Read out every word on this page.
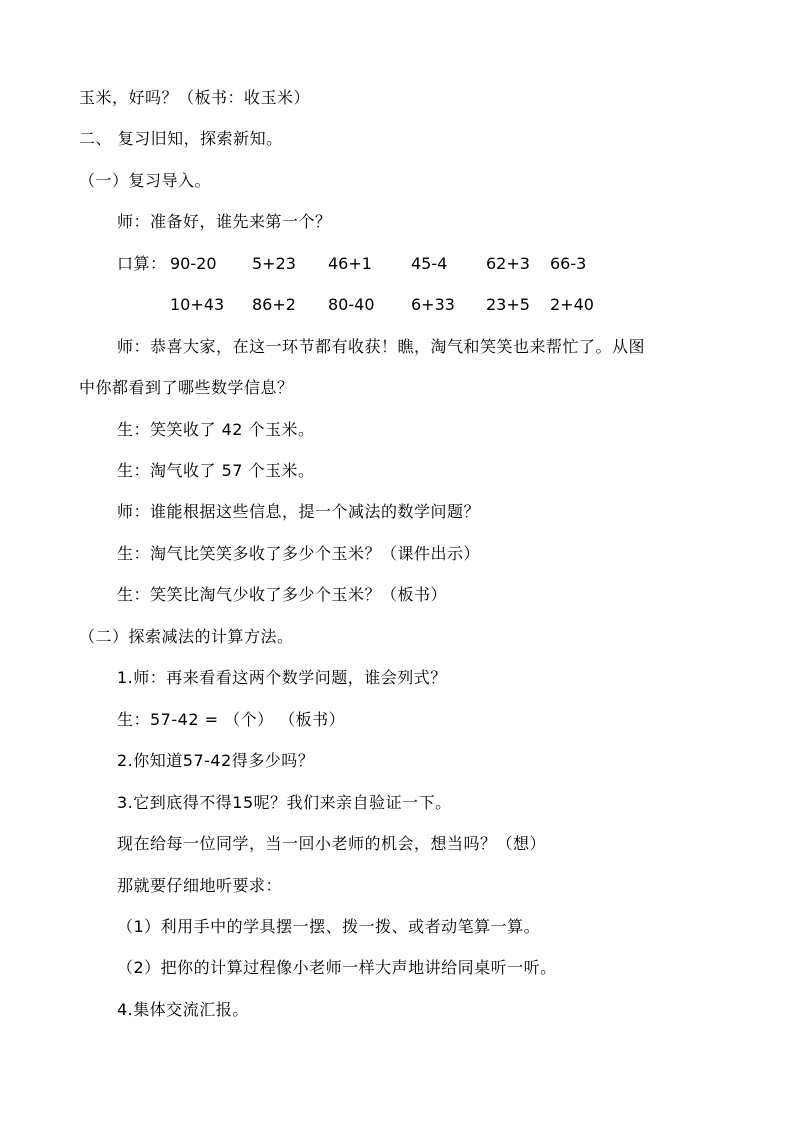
玉米，好吗？（板书：收玉米）
二、 复习旧知，探索新知。
（一）复习导入。
师：准备好，谁先来第一个？
口算： 90-20 5+23 46+1 45-4 62+3 66-3
10+43 86+2 80-40 6+33 23+5 2+40
师：恭喜大家，在这一环节都有收获！瞧，淘气和笑笑也来帮忙了。从图
中你都看到了哪些数学信息？
生：笑笑收了 42 个玉米。
生：淘气收了 57 个玉米。
师：谁能根据这些信息，提一个减法的数学问题？
生：淘气比笑笑多收了多少个玉米？（课件出示）
生：笑笑比淘气少收了多少个玉米？（板书）
（二）探索减法的计算方法。
1.师：再来看看这两个数学问题，谁会列式？
生：57-42 = （个） （板书）
2.你知道57-42得多少吗？
3.它到底得不得15呢？我们来亲自验证一下。
现在给每一位同学，当一回小老师的机会，想当吗？（想）
那就要仔细地听要求：
（1）利用手中的学具摆一摆、拨一拨、或者动笔算一算。
（2）把你的计算过程像小老师一样大声地讲给同桌听一听。
4.集体交流汇报。
